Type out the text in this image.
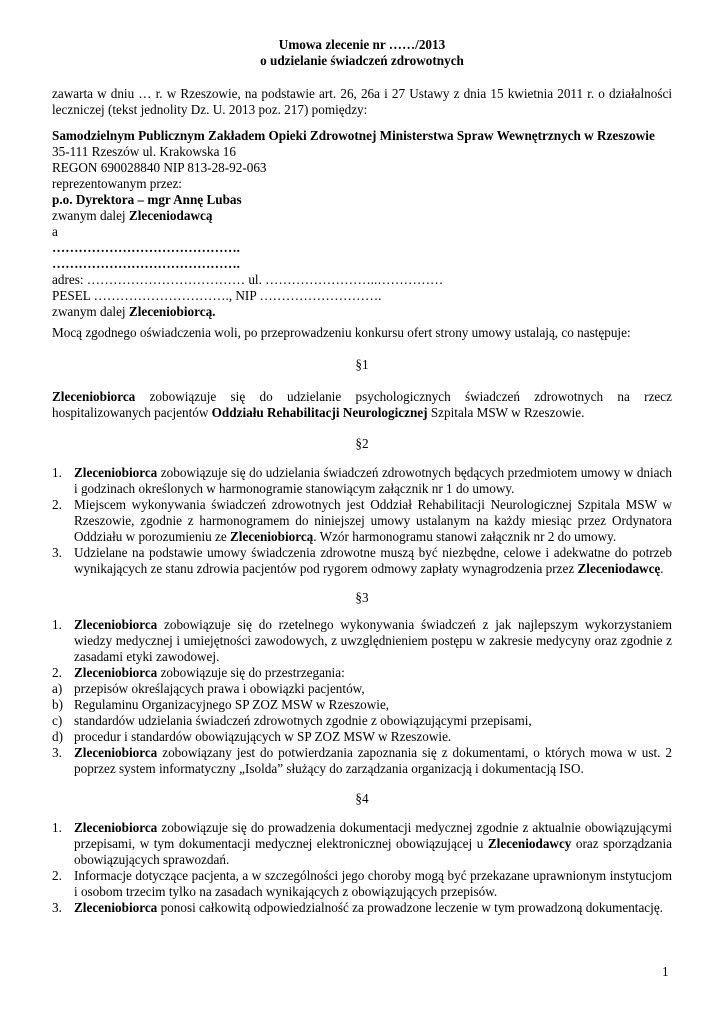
Umowa zlecenie nr ……/2013
o udzielanie świadczeń zdrowotnych
zawarta w dniu … r. w Rzeszowie, na podstawie art. 26, 26a i 27 Ustawy z dnia 15 kwietnia 2011 r. o działalności leczniczej (tekst jednolity Dz. U. 2013 poz. 217) pomiędzy:
Samodzielnym Publicznym Zakładem Opieki Zdrowotnej Ministerstwa Spraw Wewnętrznych w Rzeszowie
35-111 Rzeszów ul. Krakowska 16
REGON 690028840 NIP 813-28-92-063
reprezentowanym przez:
p.o. Dyrektora – mgr Annę Lubas
zwanym dalej Zleceniodawcą
a
…………………………………….
…………………………………….
adres: ……………………………… ul. ……………………..……………
PESEL …………………………., NIP ……………………….
zwanym dalej Zleceniobiorcą.
Mocą zgodnego oświadczenia woli, po przeprowadzeniu konkursu ofert strony umowy ustalają, co następuje:
§1
Zleceniobiorca zobowiązuje się do udzielanie psychologicznych świadczeń zdrowotnych na rzecz hospitalizowanych pacjentów Oddziału Rehabilitacji Neurologicznej Szpitala MSW w Rzeszowie.
§2
1. Zleceniobiorca zobowiązuje się do udzielania świadczeń zdrowotnych będących przedmiotem umowy w dniach i godzinach określonych w harmonogramie stanowiącym załącznik nr 1 do umowy.
2. Miejscem wykonywania świadczeń zdrowotnych jest Oddział Rehabilitacji Neurologicznej Szpitala MSW w Rzeszowie, zgodnie z harmonogramem do niniejszej umowy ustalanym na każdy miesiąc przez Ordynatora Oddziału w porozumieniu ze Zleceniobiorcą. Wzór harmonogramu stanowi załącznik nr 2 do umowy.
3. Udzielane na podstawie umowy świadczenia zdrowotne muszą być niezbędne, celowe i adekwatne do potrzeb wynikających ze stanu zdrowia pacjentów pod rygorem odmowy zapłaty wynagrodzenia przez Zleceniodawcę.
§3
1. Zleceniobiorca zobowiązuje się do rzetelnego wykonywania świadczeń z jak najlepszym wykorzystaniem wiedzy medycznej i umiejętności zawodowych, z uwzględnieniem postępu w zakresie medycyny oraz zgodnie z zasadami etyki zawodowej.
2. Zleceniobiorca zobowiązuje się do przestrzegania:
a) przepisów określających prawa i obowiązki pacjentów,
b) Regulaminu Organizacyjnego SP ZOZ MSW w Rzeszowie,
c) standardów udzielania świadczeń zdrowotnych zgodnie z obowiązującymi przepisami,
d) procedur i standardów obowiązujących w SP ZOZ MSW w Rzeszowie.
3. Zleceniobiorca zobowiązany jest do potwierdzania zapoznania się z dokumentami, o których mowa w ust. 2 poprzez system informatyczny „Isolda” służący do zarządzania organizacją i dokumentacją ISO.
§4
1. Zleceniobiorca zobowiązuje się do prowadzenia dokumentacji medycznej zgodnie z aktualnie obowiązującymi przepisami, w tym dokumentacji medycznej elektronicznej obowiązującej u Zleceniodawcy oraz sporządzania obowiązujących sprawozdań.
2. Informacje dotyczące pacjenta, a w szczególności jego choroby mogą być przekazane uprawnionym instytucjom i osobom trzecim tylko na zasadach wynikających z obowiązujących przepisów.
3. Zleceniobiorca ponosi całkowitą odpowiedzialność za prowadzone leczenie w tym prowadzoną dokumentację.
1
